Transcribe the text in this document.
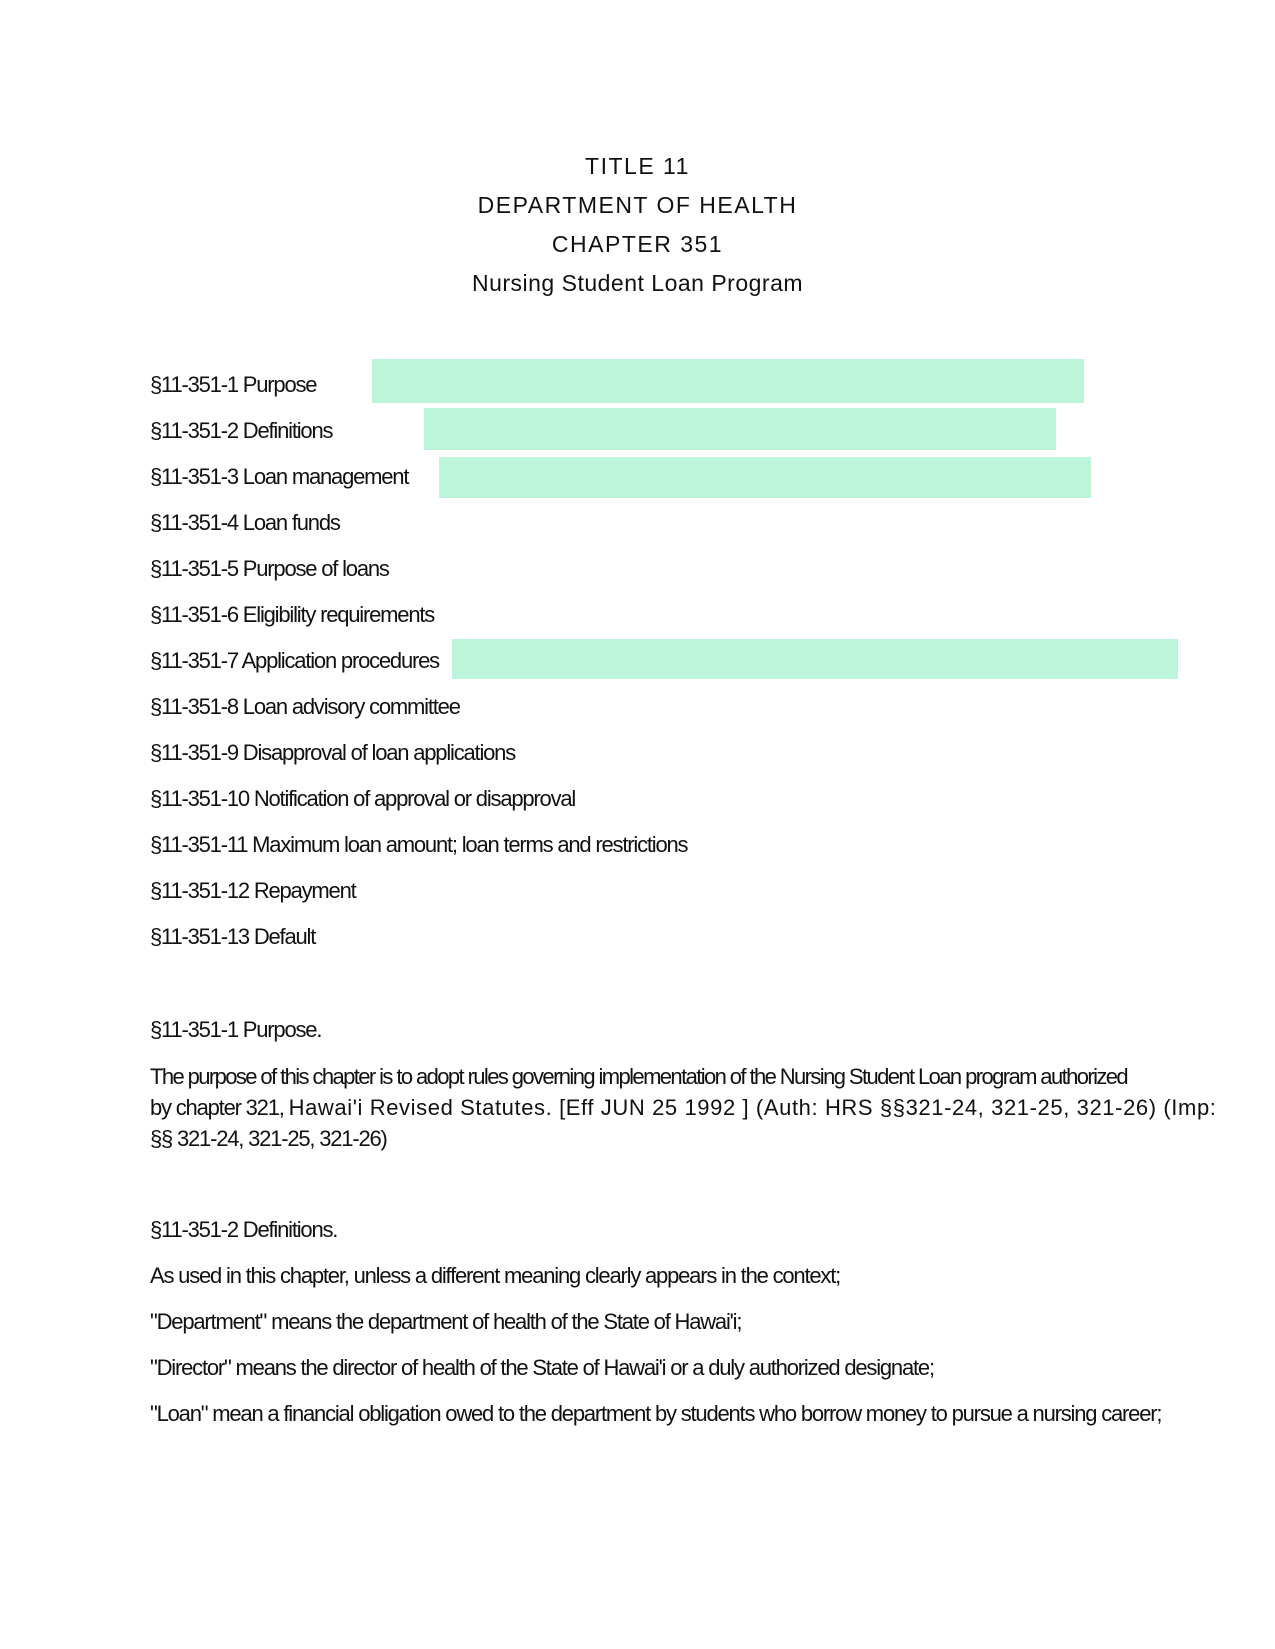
TITLE 11
DEPARTMENT OF HEALTH
CHAPTER 351
Nursing Student Loan Program
§11-351-1 Purpose
§11-351-2 Definitions
§11-351-3 Loan management
§11-351-4 Loan funds
§11-351-5 Purpose of loans
§11-351-6 Eligibility requirements
§11-351-7 Application procedures
§11-351-8 Loan advisory committee
§11-351-9 Disapproval of loan applications
§11-351-10 Notification of approval or disapproval
§11-351-11 Maximum loan amount; loan terms and restrictions
§11-351-12 Repayment
§11-351-13 Default
§11-351-1 Purpose.
The purpose of this chapter is to adopt rules governing implementation of the Nursing Student Loan program authorized
by chapter 321, Hawai'i Revised Statutes. [Eff JUN 25 1992 ] (Auth: HRS §§321-24, 321-25, 321-26) (Imp:
§§ 321-24, 321-25, 321-26)
§11-351-2 Definitions.
As used in this chapter, unless a different meaning clearly appears in the context;
"Department" means the department of health of the State of Hawai'i;
"Director" means the director of health of the State of Hawai'i or a duly authorized designate;
"Loan" mean a financial obligation owed to the department by students who borrow money to pursue a nursing career;
